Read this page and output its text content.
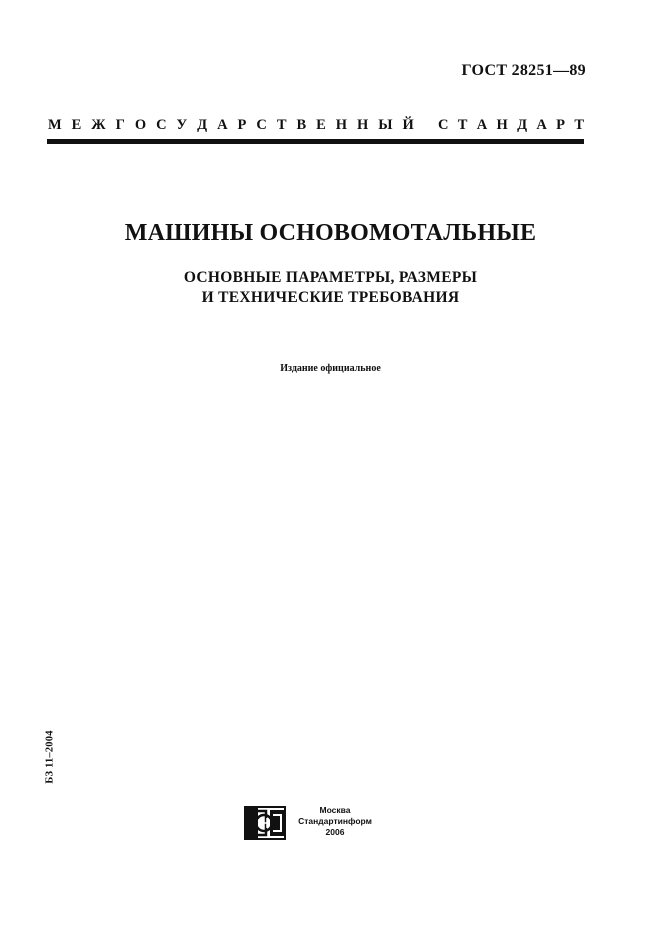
ГОСТ 28251—89
М Е Ж Г О С У Д А Р С Т В Е Н Н Ы Й С Т А Н Д А Р Т
МАШИНЫ ОСНОВОМОТАЛЬНЫЕ
ОСНОВНЫЕ ПАРАМЕТРЫ, РАЗМЕРЫ
И ТЕХНИЧЕСКИЕ ТРЕБОВАНИЯ
Издание официальное
БЗ 11–2004
Москва
Стандартинформ
2006
